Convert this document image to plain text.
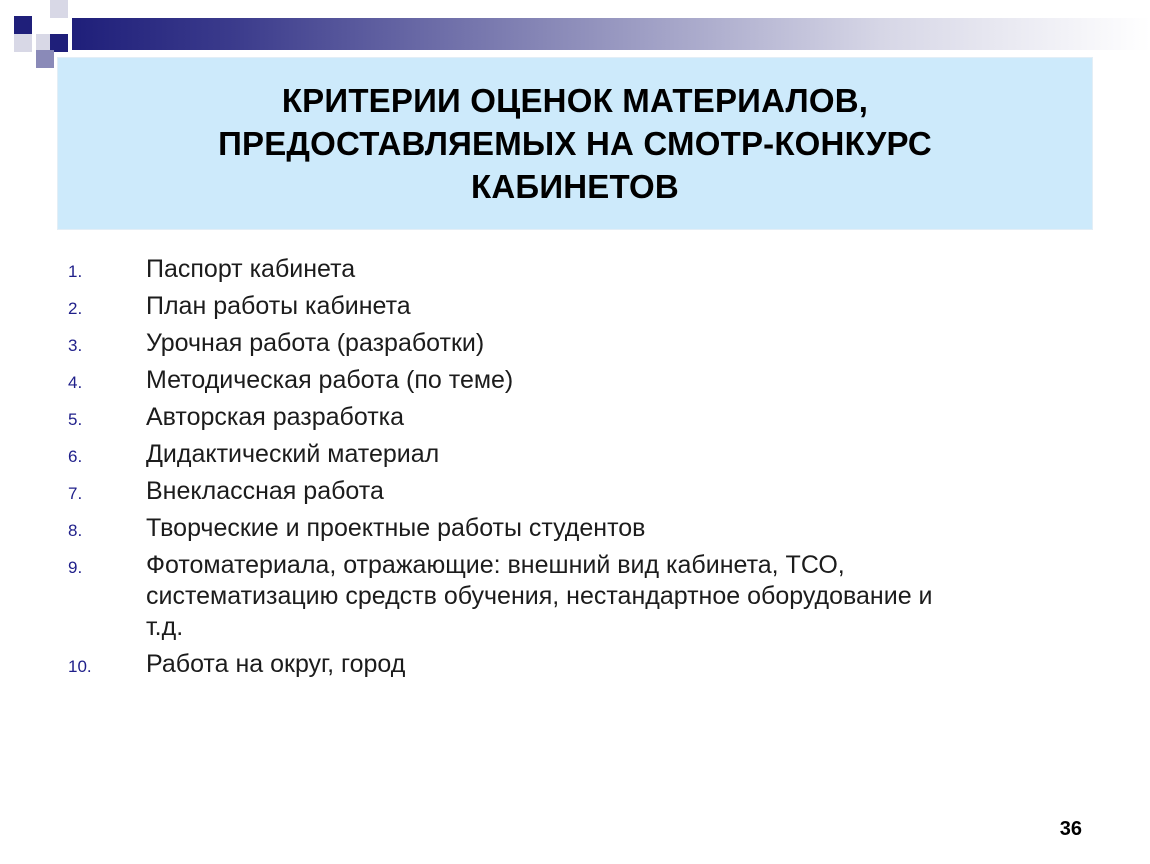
КРИТЕРИИ ОЦЕНОК МАТЕРИАЛОВ,
ПРЕДОСТАВЛЯЕМЫХ НА СМОТР-КОНКУРС
КАБИНЕТОВ
1.	Паспорт кабинета
2.	План работы кабинета
3.	Урочная работа (разработки)
4.	Методическая работа (по теме)
5.	Авторская разработка
6.	Дидактический материал
7.	Внеклассная работа
8.	Творческие и проектные работы студентов
9.	Фотоматериала, отражающие: внешний вид кабинета, ТСО,
систематизацию средств обучения, нестандартное оборудование и
т.д.
10.	Работа на округ, город
36
